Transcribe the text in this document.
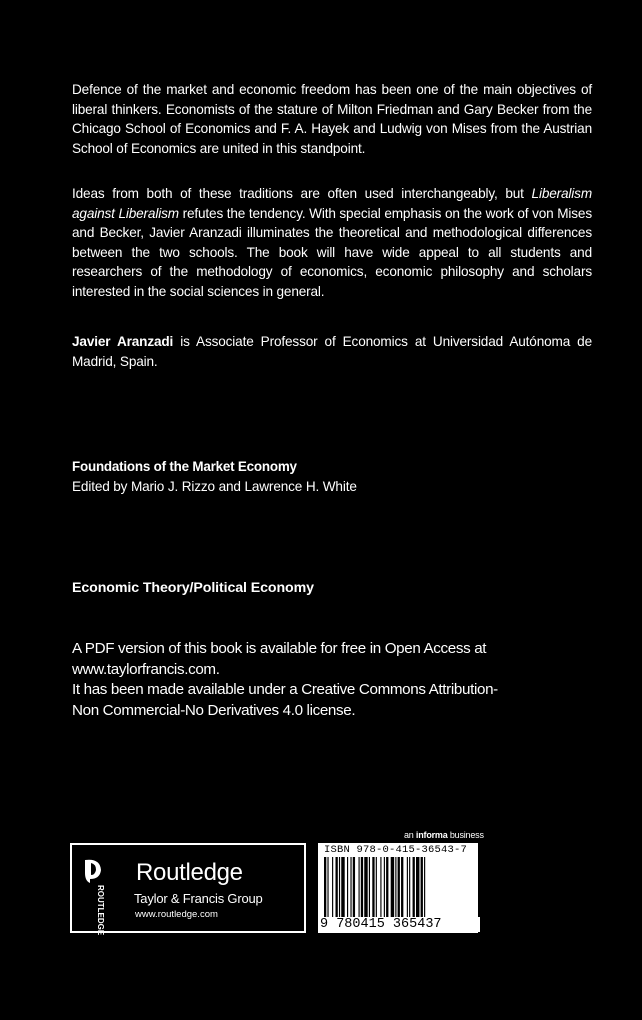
Defence of the market and economic freedom has been one of the main objectives of liberal thinkers. Economists of the stature of Milton Friedman and Gary Becker from the Chicago School of Economics and F. A. Hayek and Ludwig von Mises from the Austrian School of Economics are united in this standpoint.
Ideas from both of these traditions are often used interchangeably, but Liberalism against Liberalism refutes the tendency. With special emphasis on the work of von Mises and Becker, Javier Aranzadi illuminates the theoretical and methodological differences between the two schools. The book will have wide appeal to all students and researchers of the methodology of economics, economic philosophy and scholars interested in the social sciences in general.
Javier Aranzadi is Associate Professor of Economics at Universidad Autónoma de Madrid, Spain.
Foundations of the Market Economy
Edited by Mario J. Rizzo and Lawrence H. White
Economic Theory/Political Economy
A PDF version of this book is available for free in Open Access at
www.taylorfrancis.com.
It has been made available under a Creative Commons Attribution-
Non Commercial-No Derivatives 4.0 license.
an informa business
ROUTLEDGE
Routledge
Taylor & Francis Group
www.routledge.com
ISBN 978-0-415-36543-7
9 780415 365437
